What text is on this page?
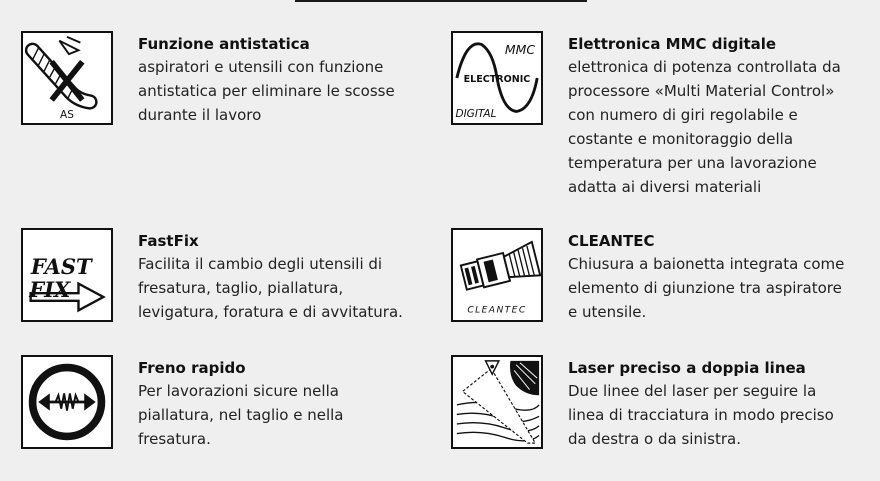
AS
Funzione antistatica
aspiratori e utensili con funzione
antistatica per eliminare le scosse
durante il lavoro
MMC
ELECTRONIC
DIGITAL
Elettronica MMC digitale
elettronica di potenza controllata da
processore «Multi Material Control»
con numero di giri regolabile e
costante e monitoraggio della
temperatura per una lavorazione
adatta ai diversi materiali
FAST
FIX
FastFix
Facilita il cambio degli utensili di
fresatura, taglio, piallatura,
levigatura, foratura e di avvitatura.	CLEANTEC
CLEANTEC
Chiusura a baionetta integrata come
elemento di giunzione tra aspiratore
e utensile.
Freno rapido
Per lavorazioni sicure nella
piallatura, nel taglio e nella
fresatura.
Laser preciso a doppia linea
Due linee del laser per seguire la
linea di tracciatura in modo preciso
da destra o da sinistra.
